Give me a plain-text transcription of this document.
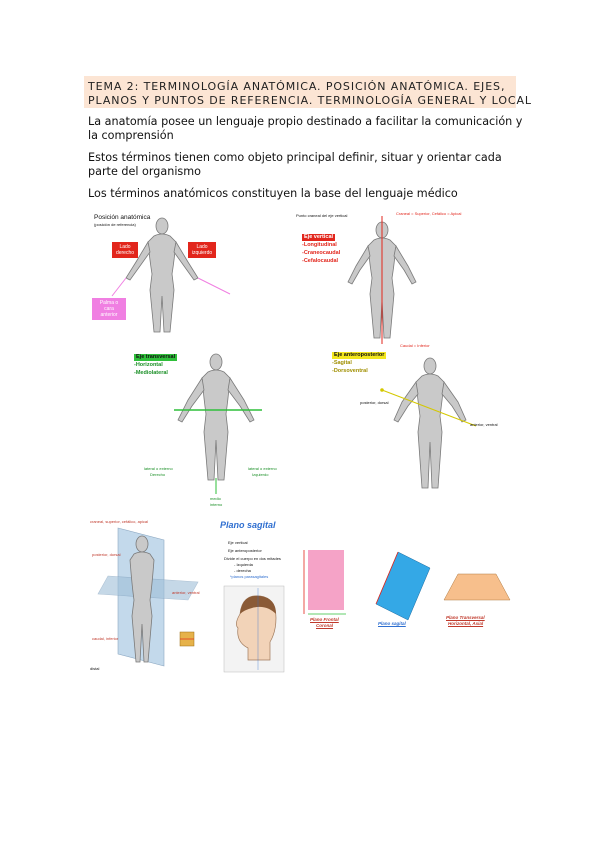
TEMA 2: TERMINOLOGÍA ANATÓMICA. POSICIÓN ANATÓMICA. EJES,
PLANOS Y PUNTOS DE REFERENCIA. TERMINOLOGÍA GENERAL Y LOCAL
La anatomía posee un lenguaje propio destinado a facilitar la comunicación y la comprensión
Estos términos tienen como objeto principal definir, situar y orientar cada parte del organismo
Los términos anatómicos constituyen la base del lenguaje médico
Posición anatómica
(posición de referencia)
Lado derecho
Lado izquierdo
Palma o cara anterior
Punto craneal del eje vertical	Craneal = Superior, Cefálico = Apical
Eje vertical
-Longitudinal
-Craneocaudal
-Cefalocaudal
Caudal = Inferior
Eje transversal
-Horizontal
-Mediolateral
lateral o externo
Derecho
lateral o externo
Izquierdo
medio
interno
Eje anteroposterior
-Sagital
-Dorsoventral
posterior, dorsal
anterior, ventral
craneal, superior, cefálico, apical
posterior, dorsal
anterior, ventral
caudal, inferior
distal
Plano sagital
Eje vertical
Eje anteroposterior
Divide el cuerpo en dos mitades
- Izquierda
- derecha
*planos parasagitales
Plano Frontal
Coronal	Plano sagital
Plano Transversal
Horizontal, Axial
